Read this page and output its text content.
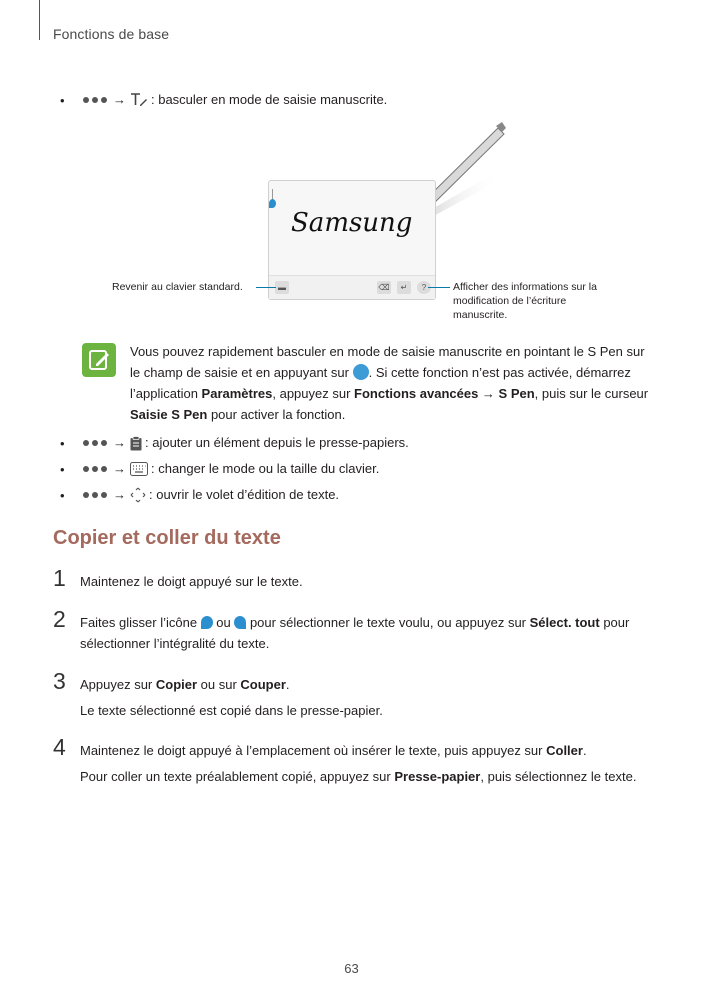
Fonctions de base
•	→ : basculer en mode de saisie manuscrite.
Samsung
▬	⌫	↵	?
Revenir au clavier standard.	Afficher des informations sur la modification de l’écriture manuscrite.
Vous pouvez rapidement basculer en mode de saisie manuscrite en pointant le S Pen sur le champ de saisie et en appuyant sur . Si cette fonction n’est pas activée, démarrez l’application Paramètres, appuyez sur Fonctions avancées → S Pen, puis sur le curseur Saisie S Pen pour activer la fonction.
•	→ : ajouter un élément depuis le presse-papiers.
•	→ : changer le mode ou la taille du clavier.
•	→ : ouvrir le volet d’édition de texte.
Copier et coller du texte
1 Maintenez le doigt appuyé sur le texte.
2 Faites glisser l’icône  ou  pour sélectionner le texte voulu, ou appuyez sur Sélect. tout pour sélectionner l’intégralité du texte.
3 Appuyez sur Copier ou sur Couper.
Le texte sélectionné est copié dans le presse-papier.
4 Maintenez le doigt appuyé à l’emplacement où insérer le texte, puis appuyez sur Coller.
Pour coller un texte préalablement copié, appuyez sur Presse-papier, puis sélectionnez le texte.
63
